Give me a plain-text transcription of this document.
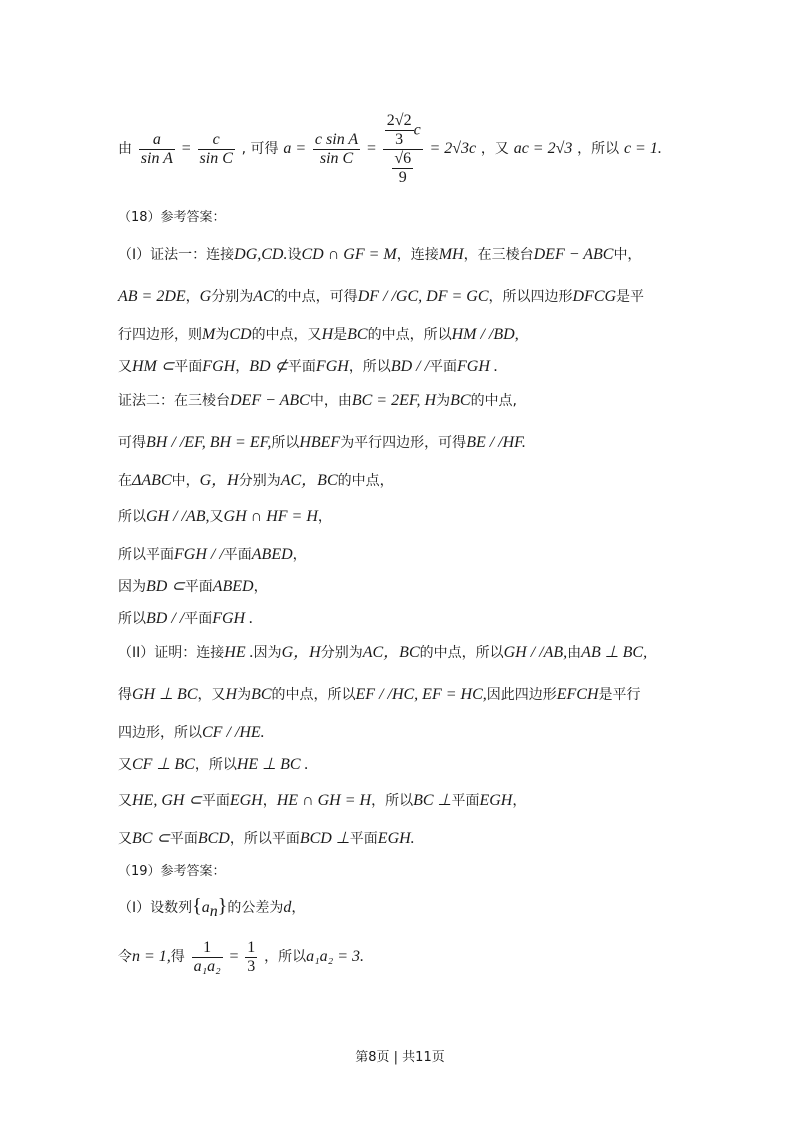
由 $\frac{a}{\text{sin A}} = \frac{c}{\text{sin C}}$ , 可得 $a = \frac{\text{c sin A}}{\text{sin C}} = \frac{\frac{2√2}{3} c}{\frac{√6}{9}} = 2√3c$ ，又 ac = 2√3 ，所以 c = 1.
（18）参考答案：
（I）证法一：连接DG,CD.设CD ∩ GF = M，连接MH，在三棱台DEF − ABC中，
AB = 2DE，G分别为AC的中点，可得DF / /GC, DF = GC，所以四边形DFCG是平
行四边形，则M为CD的中点，又H是BC的中点，所以HM / /BD,
又HM ⊂平面FGH，BD ⊄平面FGH，所以BD / /平面FGH .
证法二：在三棱台DEF − ABC中，由BC = 2EF, H为BC的中点,
可得BH / /EF, BH = EF,所以HBEF为平行四边形，可得BE / /HF.
在ΔABC中，G，H分别为AC，BC的中点，
所以GH / /AB,又GH ∩ HF = H，
所以平面FGH / /平面ABED，
因为BD ⊂平面ABED，
所以BD / /平面FGH .
（II）证明：连接HE .因为G，H分别为AC，BC的中点，所以GH / /AB,由AB ⊥ BC,
得GH ⊥ BC，又H为BC的中点，所以EF / /HC, EF = HC,因此四边形EFCH是平行
四边形，所以CF / /HE.
又CF ⊥ BC，所以HE ⊥ BC .
又HE, GH ⊂平面EGH，HE ∩ GH = H，所以BC ⊥平面EGH，
又BC ⊂平面BCD，所以平面BCD ⊥平面EGH.
（19）参考答案：
（I）设数列$\{a_n\}$的公差为d，
令n = 1,得 $\frac{1}{\text{a₁a₂}} = \frac{1}{3}$ ，所以a₁a₂ = 3.
第8页 | 共11页
